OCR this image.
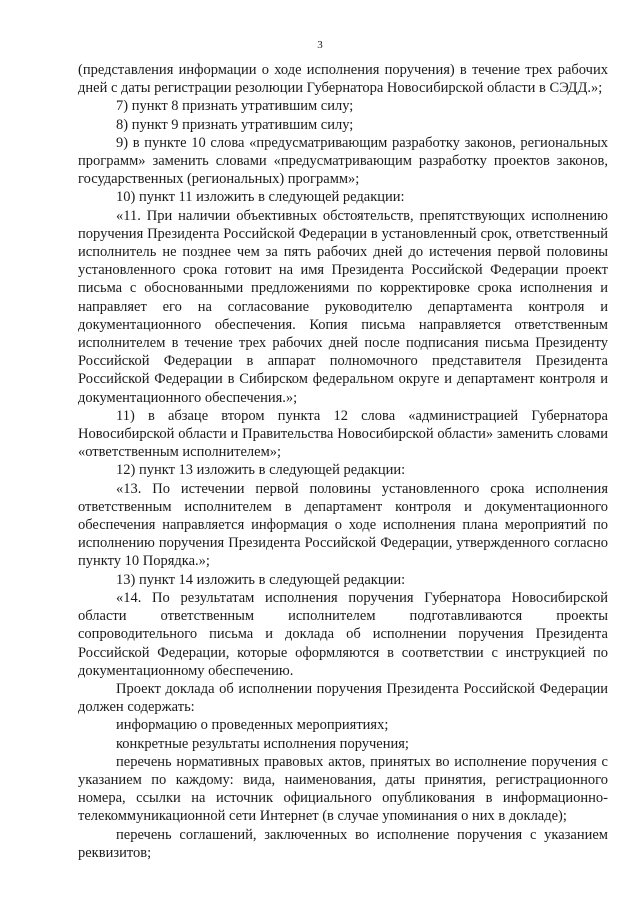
3

(представления информации о ходе исполнения поручения) в течение трех рабочих дней с даты регистрации резолюции Губернатора Новосибирской области в СЭДД.»;

7) пункт 8 признать утратившим силу;

8) пункт 9 признать утратившим силу;

9) в пункте 10 слова «предусматривающим разработку законов, региональных программ» заменить словами «предусматривающим разработку проектов законов, государственных (региональных) программ»;

10) пункт 11 изложить в следующей редакции:

«11. При наличии объективных обстоятельств, препятствующих исполнению поручения Президента Российской Федерации в установленный срок, ответственный исполнитель не позднее чем за пять рабочих дней до истечения первой половины установленного срока готовит на имя Президента Российской Федерации проект письма с обоснованными предложениями по корректировке срока исполнения и направляет его на согласование руководителю департамента контроля и документационного обеспечения. Копия письма направляется ответственным исполнителем в течение трех рабочих дней после подписания письма Президенту Российской Федерации в аппарат полномочного представителя Президента Российской Федерации в Сибирском федеральном округе и департамент контроля и документационного обеспечения.»;

11) в абзаце втором пункта 12 слова «администрацией Губернатора Новосибирской области и Правительства Новосибирской области» заменить словами «ответственным исполнителем»;

12) пункт 13 изложить в следующей редакции:

«13. По истечении первой половины установленного срока исполнения ответственным исполнителем в департамент контроля и документационного обеспечения направляется информация о ходе исполнения плана мероприятий по исполнению поручения Президента Российской Федерации, утвержденного согласно пункту 10 Порядка.»;

13) пункт 14 изложить в следующей редакции:

«14. По результатам исполнения поручения Губернатора Новосибирской области ответственным исполнителем подготавливаются проекты сопроводительного письма и доклада об исполнении поручения Президента Российской Федерации, которые оформляются в соответствии с инструкцией по документационному обеспечению.

Проект доклада об исполнении поручения Президента Российской Федерации должен содержать:

информацию о проведенных мероприятиях;

конкретные результаты исполнения поручения;

перечень нормативных правовых актов, принятых во исполнение поручения с указанием по каждому: вида, наименования, даты принятия, регистрационного номера, ссылки на источник официального опубликования в информационно-телекоммуникационной сети Интернет (в случае упоминания о них в докладе);

перечень соглашений, заключенных во исполнение поручения с указанием реквизитов;
